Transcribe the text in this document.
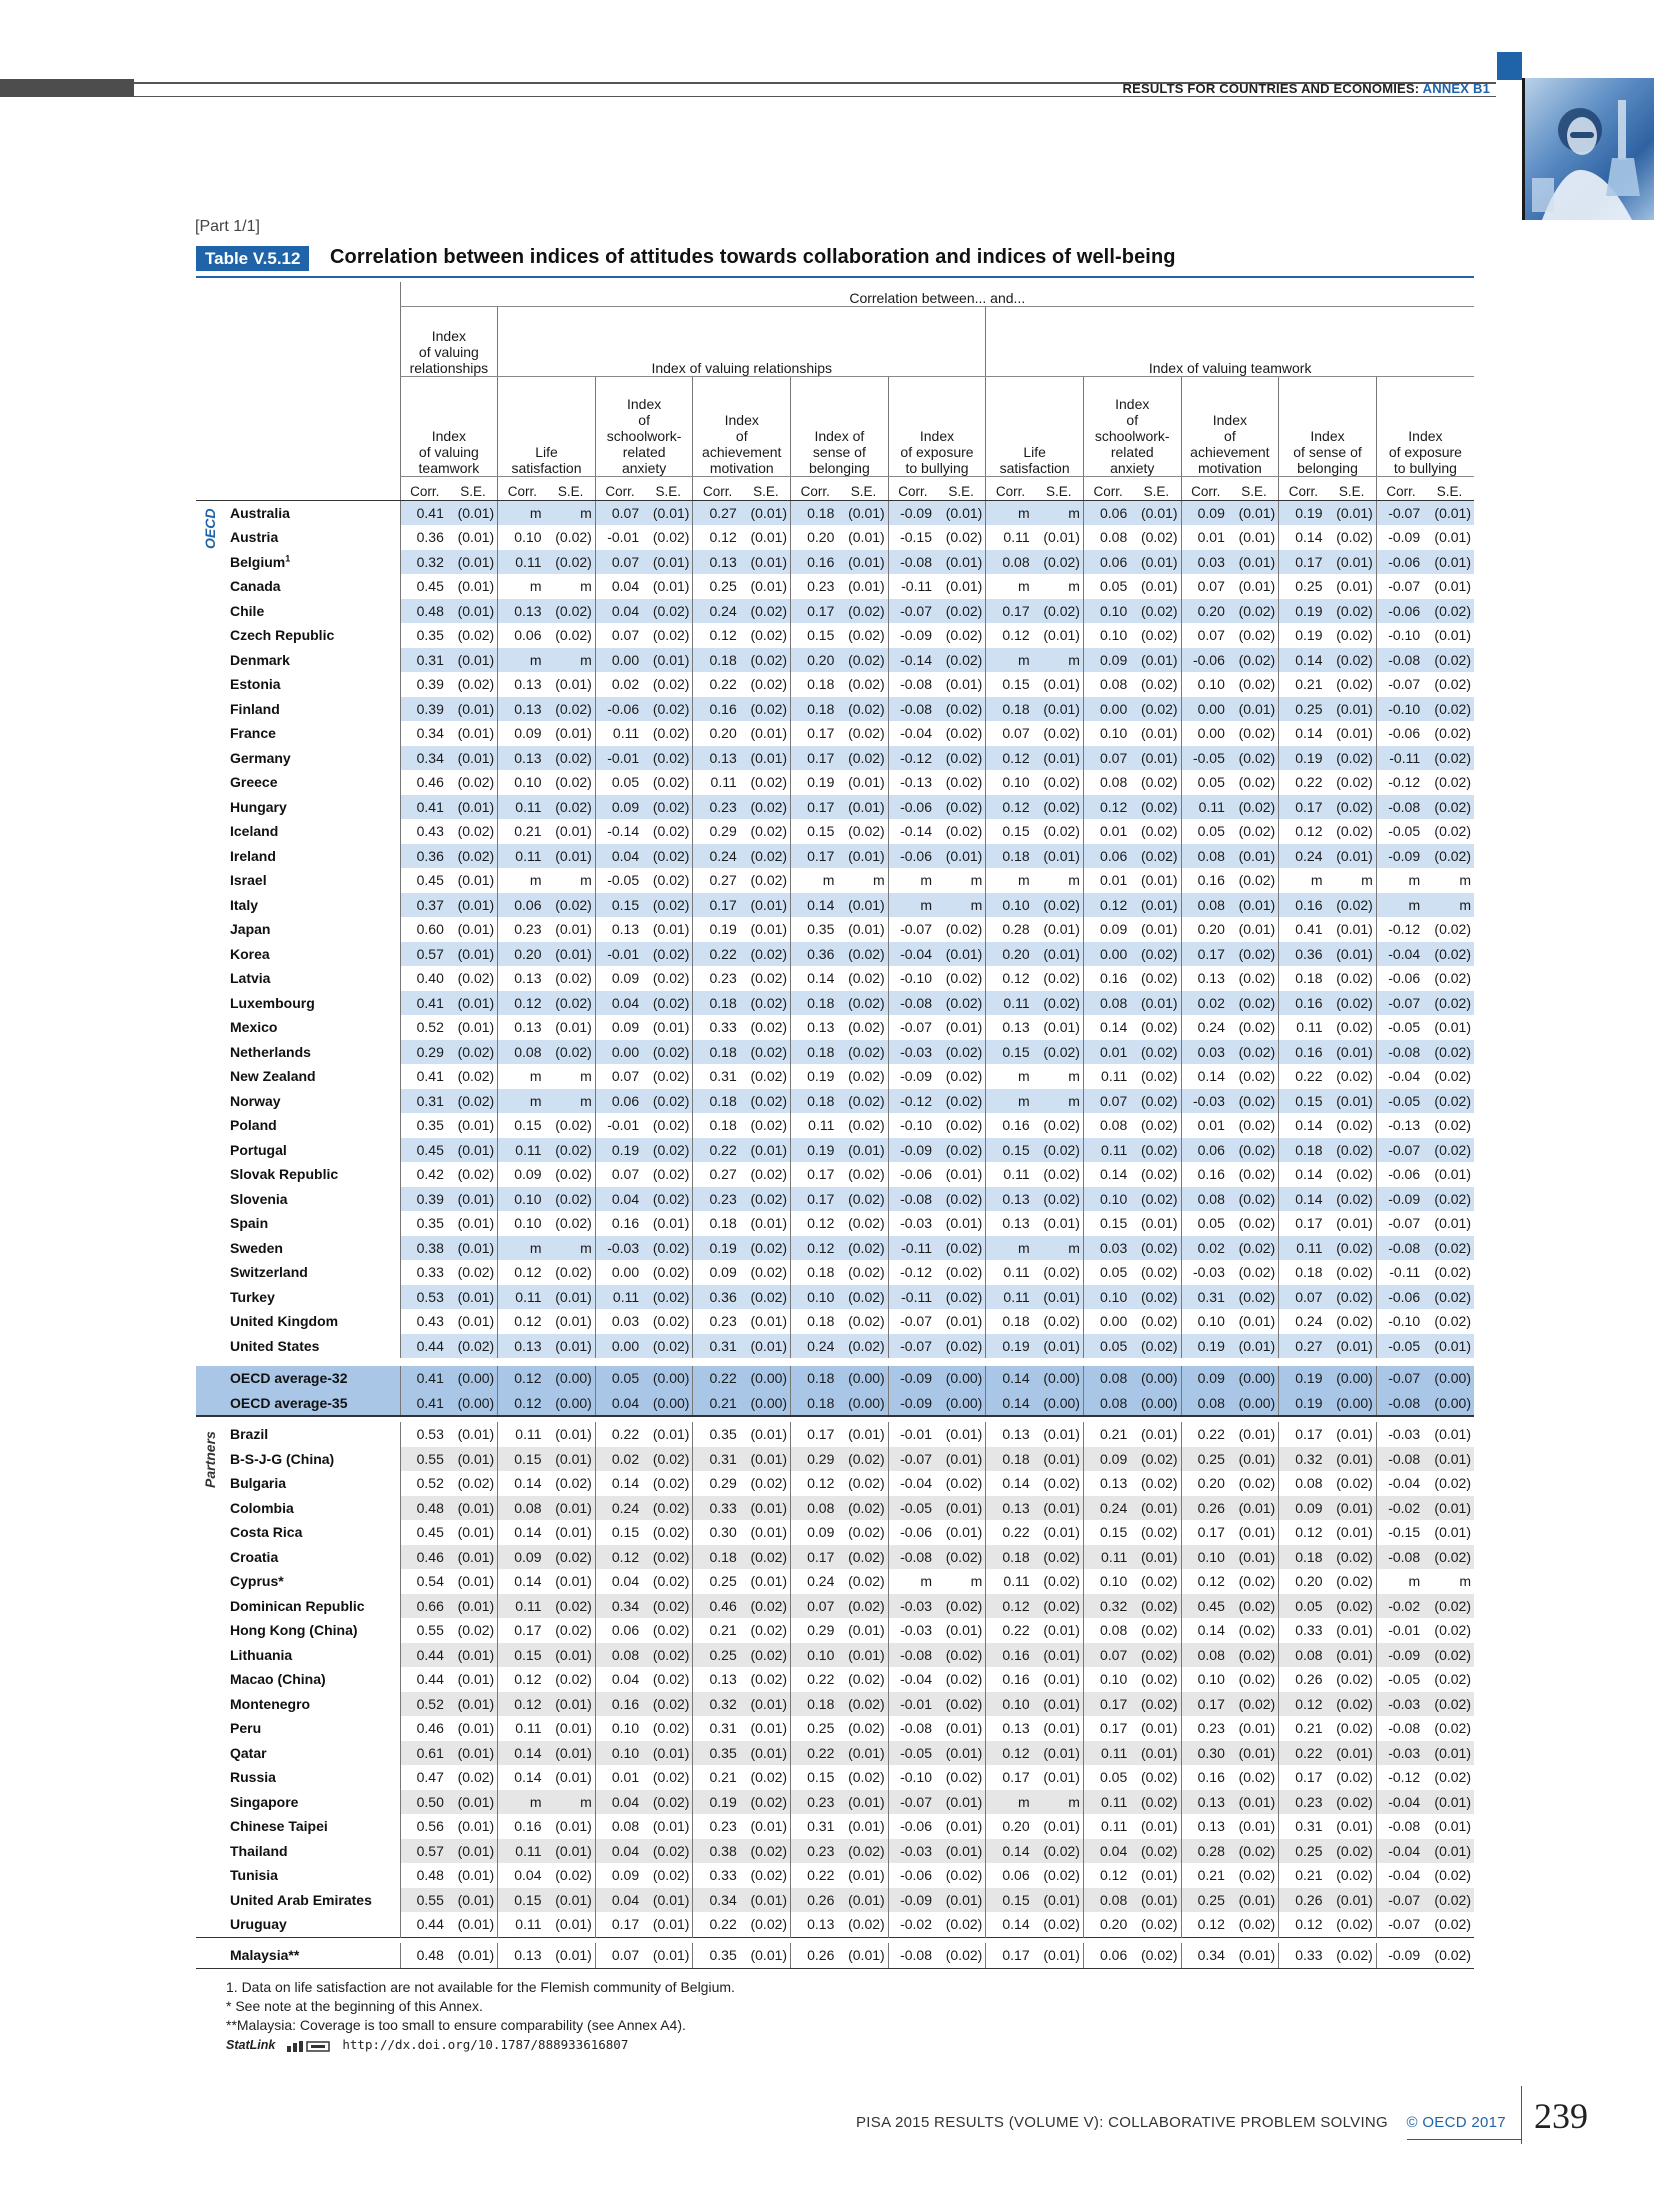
RESULTS FOR COUNTRIES AND ECONOMIES: ANNEX B1
[Part 1/1]
Table V.5.12	Correlation between indices of attitudes towards collaboration and indices of well-being
	Correlation between... and...																					
	Index
of valuing
relationships		Index of valuing relationships										Index of valuing teamwork									
	Index
of valuing
teamwork		Life
satisfaction		Index
of
schoolwork-
related
anxiety		Index
of
achievement
motivation		Index of
sense of
belonging		Index
of exposure
to bullying		Life
satisfaction		Index
of
schoolwork-
related
anxiety		Index
of
achievement
motivation		Index
of sense of
belonging		Index
of exposure
to bullying	
	Corr.	S.E.	Corr.	S.E.	Corr.	S.E.	Corr.	S.E.	Corr.	S.E.	Corr.	S.E.	Corr.	S.E.	Corr.	S.E.	Corr.	S.E.	Corr.	S.E.	Corr.	S.E.
Australia	0.41	(0.01)	m	m	0.07	(0.01)	0.27	(0.01)	0.18	(0.01)	-0.09	(0.01)	m	m	0.06	(0.01)	0.09	(0.01)	0.19	(0.01)	-0.07	(0.01)
Austria	0.36	(0.01)	0.10	(0.02)	-0.01	(0.02)	0.12	(0.01)	0.20	(0.01)	-0.15	(0.02)	0.11	(0.01)	0.08	(0.02)	0.01	(0.01)	0.14	(0.02)	-0.09	(0.01)
Belgium$^1$	0.32	(0.01)	0.11	(0.02)	0.07	(0.01)	0.13	(0.01)	0.16	(0.01)	-0.08	(0.01)	0.08	(0.02)	0.06	(0.01)	0.03	(0.01)	0.17	(0.01)	-0.06	(0.01)
Canada	0.45	(0.01)	m	m	0.04	(0.01)	0.25	(0.01)	0.23	(0.01)	-0.11	(0.01)	m	m	0.05	(0.01)	0.07	(0.01)	0.25	(0.01)	-0.07	(0.01)
Chile	0.48	(0.01)	0.13	(0.02)	0.04	(0.02)	0.24	(0.02)	0.17	(0.02)	-0.07	(0.02)	0.17	(0.02)	0.10	(0.02)	0.20	(0.02)	0.19	(0.02)	-0.06	(0.02)
Czech Republic	0.35	(0.02)	0.06	(0.02)	0.07	(0.02)	0.12	(0.02)	0.15	(0.02)	-0.09	(0.02)	0.12	(0.01)	0.10	(0.02)	0.07	(0.02)	0.19	(0.02)	-0.10	(0.01)
Denmark	0.31	(0.01)	m	m	0.00	(0.01)	0.18	(0.02)	0.20	(0.02)	-0.14	(0.02)	m	m	0.09	(0.01)	-0.06	(0.02)	0.14	(0.02)	-0.08	(0.02)
Estonia	0.39	(0.02)	0.13	(0.01)	0.02	(0.02)	0.22	(0.02)	0.18	(0.02)	-0.08	(0.01)	0.15	(0.01)	0.08	(0.02)	0.10	(0.02)	0.21	(0.02)	-0.07	(0.02)
Finland	0.39	(0.01)	0.13	(0.02)	-0.06	(0.02)	0.16	(0.02)	0.18	(0.02)	-0.08	(0.02)	0.18	(0.01)	0.00	(0.02)	0.00	(0.01)	0.25	(0.01)	-0.10	(0.02)
France	0.34	(0.01)	0.09	(0.01)	0.11	(0.02)	0.20	(0.01)	0.17	(0.02)	-0.04	(0.02)	0.07	(0.02)	0.10	(0.01)	0.00	(0.02)	0.14	(0.01)	-0.06	(0.02)
Germany	0.34	(0.01)	0.13	(0.02)	-0.01	(0.02)	0.13	(0.01)	0.17	(0.02)	-0.12	(0.02)	0.12	(0.01)	0.07	(0.01)	-0.05	(0.02)	0.19	(0.02)	-0.11	(0.02)
Greece	0.46	(0.02)	0.10	(0.02)	0.05	(0.02)	0.11	(0.02)	0.19	(0.01)	-0.13	(0.02)	0.10	(0.02)	0.08	(0.02)	0.05	(0.02)	0.22	(0.02)	-0.12	(0.02)
Hungary	0.41	(0.01)	0.11	(0.02)	0.09	(0.02)	0.23	(0.02)	0.17	(0.01)	-0.06	(0.02)	0.12	(0.02)	0.12	(0.02)	0.11	(0.02)	0.17	(0.02)	-0.08	(0.02)
Iceland	0.43	(0.02)	0.21	(0.01)	-0.14	(0.02)	0.29	(0.02)	0.15	(0.02)	-0.14	(0.02)	0.15	(0.02)	0.01	(0.02)	0.05	(0.02)	0.12	(0.02)	-0.05	(0.02)
Ireland	0.36	(0.02)	0.11	(0.01)	0.04	(0.02)	0.24	(0.02)	0.17	(0.01)	-0.06	(0.01)	0.18	(0.01)	0.06	(0.02)	0.08	(0.01)	0.24	(0.01)	-0.09	(0.02)
Israel	0.45	(0.01)	m	m	-0.05	(0.02)	0.27	(0.02)	m	m	m	m	m	m	0.01	(0.01)	0.16	(0.02)	m	m	m	m
Italy	0.37	(0.01)	0.06	(0.02)	0.15	(0.02)	0.17	(0.01)	0.14	(0.01)	m	m	0.10	(0.02)	0.12	(0.01)	0.08	(0.01)	0.16	(0.02)	m	m
Japan	0.60	(0.01)	0.23	(0.01)	0.13	(0.01)	0.19	(0.01)	0.35	(0.01)	-0.07	(0.02)	0.28	(0.01)	0.09	(0.01)	0.20	(0.01)	0.41	(0.01)	-0.12	(0.02)
Korea	0.57	(0.01)	0.20	(0.01)	-0.01	(0.02)	0.22	(0.02)	0.36	(0.02)	-0.04	(0.01)	0.20	(0.01)	0.00	(0.02)	0.17	(0.02)	0.36	(0.01)	-0.04	(0.02)
Latvia	0.40	(0.02)	0.13	(0.02)	0.09	(0.02)	0.23	(0.02)	0.14	(0.02)	-0.10	(0.02)	0.12	(0.02)	0.16	(0.02)	0.13	(0.02)	0.18	(0.02)	-0.06	(0.02)
Luxembourg	0.41	(0.01)	0.12	(0.02)	0.04	(0.02)	0.18	(0.02)	0.18	(0.02)	-0.08	(0.02)	0.11	(0.02)	0.08	(0.01)	0.02	(0.02)	0.16	(0.02)	-0.07	(0.02)
Mexico	0.52	(0.01)	0.13	(0.01)	0.09	(0.01)	0.33	(0.02)	0.13	(0.02)	-0.07	(0.01)	0.13	(0.01)	0.14	(0.02)	0.24	(0.02)	0.11	(0.02)	-0.05	(0.01)
Netherlands	0.29	(0.02)	0.08	(0.02)	0.00	(0.02)	0.18	(0.02)	0.18	(0.02)	-0.03	(0.02)	0.15	(0.02)	0.01	(0.02)	0.03	(0.02)	0.16	(0.01)	-0.08	(0.02)
New Zealand	0.41	(0.02)	m	m	0.07	(0.02)	0.31	(0.02)	0.19	(0.02)	-0.09	(0.02)	m	m	0.11	(0.02)	0.14	(0.02)	0.22	(0.02)	-0.04	(0.02)
Norway	0.31	(0.02)	m	m	0.06	(0.02)	0.18	(0.02)	0.18	(0.02)	-0.12	(0.02)	m	m	0.07	(0.02)	-0.03	(0.02)	0.15	(0.01)	-0.05	(0.02)
Poland	0.35	(0.01)	0.15	(0.02)	-0.01	(0.02)	0.18	(0.02)	0.11	(0.02)	-0.10	(0.02)	0.16	(0.02)	0.08	(0.02)	0.01	(0.02)	0.14	(0.02)	-0.13	(0.02)
Portugal	0.45	(0.01)	0.11	(0.02)	0.19	(0.02)	0.22	(0.01)	0.19	(0.01)	-0.09	(0.02)	0.15	(0.02)	0.11	(0.02)	0.06	(0.02)	0.18	(0.02)	-0.07	(0.02)
Slovak Republic	0.42	(0.02)	0.09	(0.02)	0.07	(0.02)	0.27	(0.02)	0.17	(0.02)	-0.06	(0.01)	0.11	(0.02)	0.14	(0.02)	0.16	(0.02)	0.14	(0.02)	-0.06	(0.01)
Slovenia	0.39	(0.01)	0.10	(0.02)	0.04	(0.02)	0.23	(0.02)	0.17	(0.02)	-0.08	(0.02)	0.13	(0.02)	0.10	(0.02)	0.08	(0.02)	0.14	(0.02)	-0.09	(0.02)
Spain	0.35	(0.01)	0.10	(0.02)	0.16	(0.01)	0.18	(0.01)	0.12	(0.02)	-0.03	(0.01)	0.13	(0.01)	0.15	(0.01)	0.05	(0.02)	0.17	(0.01)	-0.07	(0.01)
Sweden	0.38	(0.01)	m	m	-0.03	(0.02)	0.19	(0.02)	0.12	(0.02)	-0.11	(0.02)	m	m	0.03	(0.02)	0.02	(0.02)	0.11	(0.02)	-0.08	(0.02)
Switzerland	0.33	(0.02)	0.12	(0.02)	0.00	(0.02)	0.09	(0.02)	0.18	(0.02)	-0.12	(0.02)	0.11	(0.02)	0.05	(0.02)	-0.03	(0.02)	0.18	(0.02)	-0.11	(0.02)
Turkey	0.53	(0.01)	0.11	(0.01)	0.11	(0.02)	0.36	(0.02)	0.10	(0.02)	-0.11	(0.02)	0.11	(0.01)	0.10	(0.02)	0.31	(0.02)	0.07	(0.02)	-0.06	(0.02)
United Kingdom	0.43	(0.01)	0.12	(0.01)	0.03	(0.02)	0.23	(0.01)	0.18	(0.02)	-0.07	(0.01)	0.18	(0.02)	0.00	(0.02)	0.10	(0.01)	0.24	(0.02)	-0.10	(0.02)
United States	0.44	(0.02)	0.13	(0.01)	0.00	(0.02)	0.31	(0.01)	0.24	(0.02)	-0.07	(0.02)	0.19	(0.01)	0.05	(0.02)	0.19	(0.01)	0.27	(0.01)	-0.05	(0.01)

OECD average-32	0.41	(0.00)	0.12	(0.00)	0.05	(0.00)	0.22	(0.00)	0.18	(0.00)	-0.09	(0.00)	0.14	(0.00)	0.08	(0.00)	0.09	(0.00)	0.19	(0.00)	-0.07	(0.00)
OECD average-35	0.41	(0.00)	0.12	(0.00)	0.04	(0.00)	0.21	(0.00)	0.18	(0.00)	-0.09	(0.00)	0.14	(0.00)	0.08	(0.00)	0.08	(0.00)	0.19	(0.00)	-0.08	(0.00)

Brazil	0.53	(0.01)	0.11	(0.01)	0.22	(0.01)	0.35	(0.01)	0.17	(0.01)	-0.01	(0.01)	0.13	(0.01)	0.21	(0.01)	0.22	(0.01)	0.17	(0.01)	-0.03	(0.01)
B-S-J-G (China)	0.55	(0.01)	0.15	(0.01)	0.02	(0.02)	0.31	(0.01)	0.29	(0.02)	-0.07	(0.01)	0.18	(0.01)	0.09	(0.02)	0.25	(0.01)	0.32	(0.01)	-0.08	(0.01)
Bulgaria	0.52	(0.02)	0.14	(0.02)	0.14	(0.02)	0.29	(0.02)	0.12	(0.02)	-0.04	(0.02)	0.14	(0.02)	0.13	(0.02)	0.20	(0.02)	0.08	(0.02)	-0.04	(0.02)
Colombia	0.48	(0.01)	0.08	(0.01)	0.24	(0.02)	0.33	(0.01)	0.08	(0.02)	-0.05	(0.01)	0.13	(0.01)	0.24	(0.01)	0.26	(0.01)	0.09	(0.01)	-0.02	(0.01)
Costa Rica	0.45	(0.01)	0.14	(0.01)	0.15	(0.02)	0.30	(0.01)	0.09	(0.02)	-0.06	(0.01)	0.22	(0.01)	0.15	(0.02)	0.17	(0.01)	0.12	(0.01)	-0.15	(0.01)
Croatia	0.46	(0.01)	0.09	(0.02)	0.12	(0.02)	0.18	(0.02)	0.17	(0.02)	-0.08	(0.02)	0.18	(0.02)	0.11	(0.01)	0.10	(0.01)	0.18	(0.02)	-0.08	(0.02)
Cyprus*	0.54	(0.01)	0.14	(0.01)	0.04	(0.02)	0.25	(0.01)	0.24	(0.02)	m	m	0.11	(0.02)	0.10	(0.02)	0.12	(0.02)	0.20	(0.02)	m	m
Dominican Republic	0.66	(0.01)	0.11	(0.02)	0.34	(0.02)	0.46	(0.02)	0.07	(0.02)	-0.03	(0.02)	0.12	(0.02)	0.32	(0.02)	0.45	(0.02)	0.05	(0.02)	-0.02	(0.02)
Hong Kong (China)	0.55	(0.02)	0.17	(0.02)	0.06	(0.02)	0.21	(0.02)	0.29	(0.01)	-0.03	(0.01)	0.22	(0.01)	0.08	(0.02)	0.14	(0.02)	0.33	(0.01)	-0.01	(0.02)
Lithuania	0.44	(0.01)	0.15	(0.01)	0.08	(0.02)	0.25	(0.02)	0.10	(0.01)	-0.08	(0.02)	0.16	(0.01)	0.07	(0.02)	0.08	(0.02)	0.08	(0.01)	-0.09	(0.02)
Macao (China)	0.44	(0.01)	0.12	(0.02)	0.04	(0.02)	0.13	(0.02)	0.22	(0.02)	-0.04	(0.02)	0.16	(0.01)	0.10	(0.02)	0.10	(0.02)	0.26	(0.02)	-0.05	(0.02)
Montenegro	0.52	(0.01)	0.12	(0.01)	0.16	(0.02)	0.32	(0.01)	0.18	(0.02)	-0.01	(0.02)	0.10	(0.01)	0.17	(0.02)	0.17	(0.02)	0.12	(0.02)	-0.03	(0.02)
Peru	0.46	(0.01)	0.11	(0.01)	0.10	(0.02)	0.31	(0.01)	0.25	(0.02)	-0.08	(0.01)	0.13	(0.01)	0.17	(0.01)	0.23	(0.01)	0.21	(0.02)	-0.08	(0.02)
Qatar	0.61	(0.01)	0.14	(0.01)	0.10	(0.01)	0.35	(0.01)	0.22	(0.01)	-0.05	(0.01)	0.12	(0.01)	0.11	(0.01)	0.30	(0.01)	0.22	(0.01)	-0.03	(0.01)
Russia	0.47	(0.02)	0.14	(0.01)	0.01	(0.02)	0.21	(0.02)	0.15	(0.02)	-0.10	(0.02)	0.17	(0.01)	0.05	(0.02)	0.16	(0.02)	0.17	(0.02)	-0.12	(0.02)
Singapore	0.50	(0.01)	m	m	0.04	(0.02)	0.19	(0.02)	0.23	(0.01)	-0.07	(0.01)	m	m	0.11	(0.02)	0.13	(0.01)	0.23	(0.02)	-0.04	(0.01)
Chinese Taipei	0.56	(0.01)	0.16	(0.01)	0.08	(0.01)	0.23	(0.01)	0.31	(0.01)	-0.06	(0.01)	0.20	(0.01)	0.11	(0.01)	0.13	(0.01)	0.31	(0.01)	-0.08	(0.01)
Thailand	0.57	(0.01)	0.11	(0.01)	0.04	(0.02)	0.38	(0.02)	0.23	(0.02)	-0.03	(0.01)	0.14	(0.02)	0.04	(0.02)	0.28	(0.02)	0.25	(0.02)	-0.04	(0.01)
Tunisia	0.48	(0.01)	0.04	(0.02)	0.09	(0.02)	0.33	(0.02)	0.22	(0.01)	-0.06	(0.02)	0.06	(0.02)	0.12	(0.01)	0.21	(0.02)	0.21	(0.02)	-0.04	(0.02)
United Arab Emirates	0.55	(0.01)	0.15	(0.01)	0.04	(0.01)	0.34	(0.01)	0.26	(0.01)	-0.09	(0.01)	0.15	(0.01)	0.08	(0.01)	0.25	(0.01)	0.26	(0.01)	-0.07	(0.02)
Uruguay	0.44	(0.01)	0.11	(0.01)	0.17	(0.01)	0.22	(0.02)	0.13	(0.02)	-0.02	(0.02)	0.14	(0.02)	0.20	(0.02)	0.12	(0.02)	0.12	(0.02)	-0.07	(0.02)

Malaysia**	0.48	(0.01)	0.13	(0.01)	0.07	(0.01)	0.35	(0.01)	0.26	(0.01)	-0.08	(0.02)	0.17	(0.01)	0.06	(0.02)	0.34	(0.01)	0.33	(0.02)	-0.09	(0.02)
OECD
Partners
1. Data on life satisfaction are not available for the Flemish community of Belgium.
* See note at the beginning of this Annex.
**Malaysia: Coverage is too small to ensure comparability (see Annex A4).
StatLink	http://dx.doi.org/10.1787/888933616807
PISA 2015 RESULTS (VOLUME V): COLLABORATIVE PROBLEM SOLVING © OECD 2017 239
